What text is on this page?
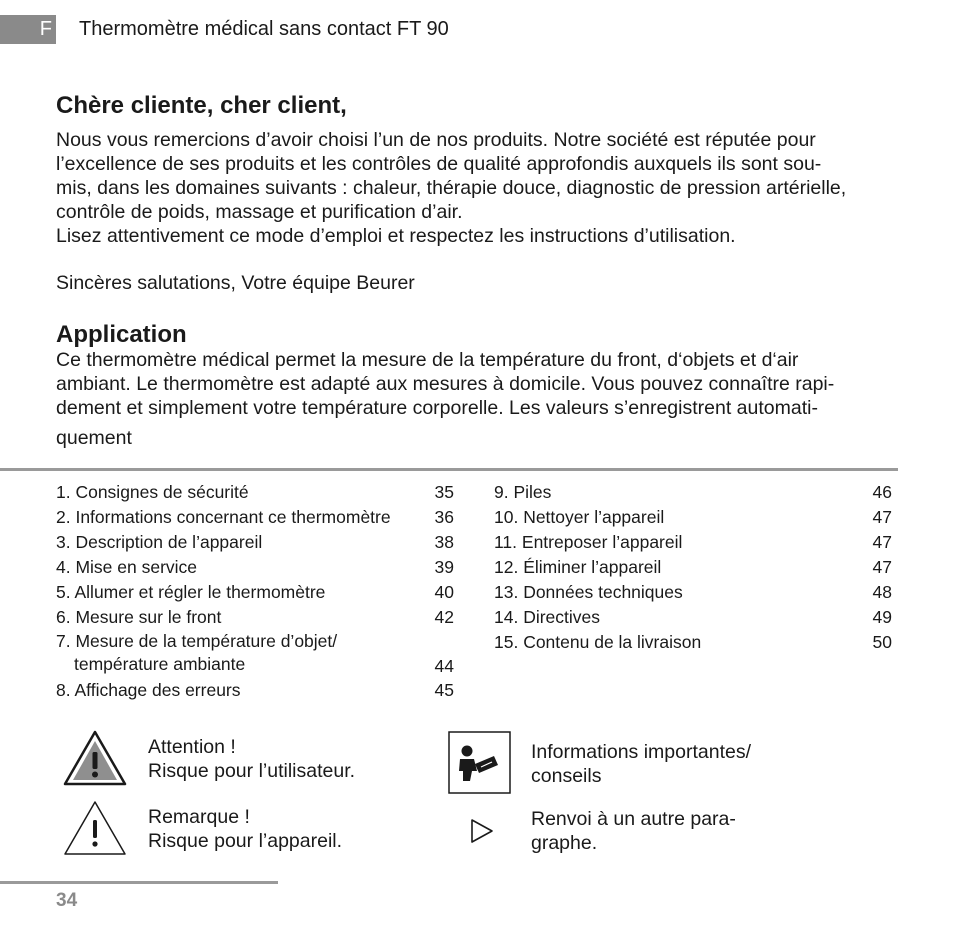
F Thermomètre médical sans contact FT 90
Chère cliente, cher client,
Nous vous remercions d’avoir choisi l’un de nos produits. Notre société est réputée pour
l’excellence de ses produits et les contrôles de qualité approfondis auxquels ils sont sou-
mis, dans les domaines suivants : chaleur, thérapie douce, diagnostic de pression artérielle,
contrôle de poids, massage et purification d’air.
Lisez attentivement ce mode d’emploi et respectez les instructions d’utilisation.
Sincères salutations, Votre équipe Beurer
Application
Ce thermomètre médical permet la mesure de la température du front, d‘objets et d‘air
ambiant. Le thermomètre est adapté aux mesures à domicile. Vous pouvez connaître rapi-
dement et simplement votre température corporelle. Les valeurs s’enregistrent automati-
quement
1. Consignes de sécurité	35
2. Informations concernant ce thermomètre	36
3. Description de l’appareil	38
4. Mise en service	39
5. Allumer et régler le thermomètre	40
6. Mesure sur le front	42
7. Mesure de la température d’objet/
température ambiante	44
8. Affichage des erreurs	45
9. Piles	46
10. Nettoyer l’appareil	47
11. Entreposer l’appareil	47
12. Éliminer l’appareil	47
13. Données techniques	48
14. Directives	49
15. Contenu de la livraison	50
Attention !
Risque pour l’utilisateur.
Remarque !
Risque pour l’appareil.
Informations importantes/
conseils
Renvoi à un autre para-
graphe.
34
